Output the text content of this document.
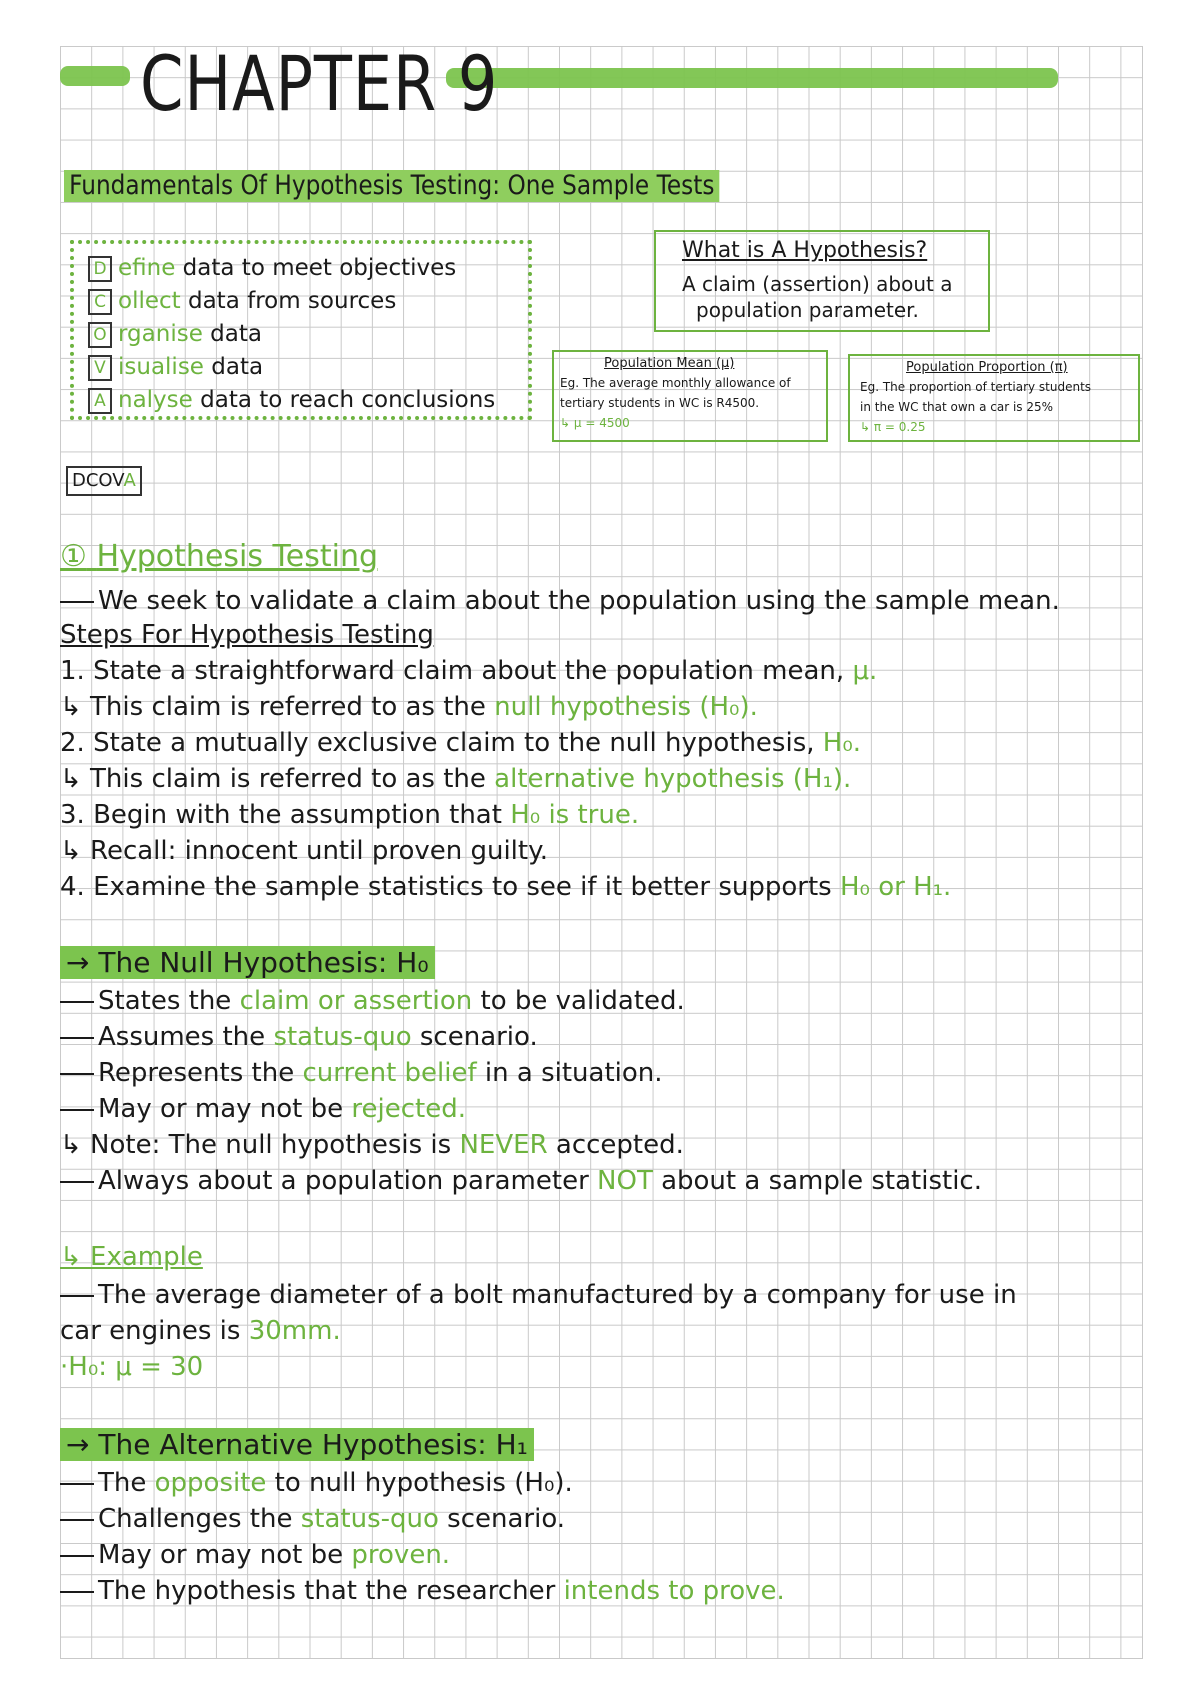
CHAPTER 9
Fundamentals Of Hypothesis Testing: One Sample Tests
D efine data to meet objectives
C ollect data from sources
O rganise data
V isualise data
A nalyse data to reach conclusions
DCOVA
What is A Hypothesis?
A claim (assertion) about a
population parameter.
Population Mean (μ)
Eg. The average monthly allowance of
tertiary students in WC is R4500.
↳ μ = 4500
Population Proportion (π)
Eg. The proportion of tertiary students
in the WC that own a car is 25%
↳ π = 0.25
① Hypothesis Testing
We seek to validate a claim about the population using the sample mean.
Steps For Hypothesis Testing
1. State a straightforward claim about the population mean, μ.
↳ This claim is referred to as the null hypothesis (H₀).
2. State a mutually exclusive claim to the null hypothesis, H₀.
↳ This claim is referred to as the alternative hypothesis (H₁).
3. Begin with the assumption that H₀ is true.
↳ Recall: innocent until proven guilty.
4. Examine the sample statistics to see if it better supports H₀ or H₁.
→ The Null Hypothesis: H₀
States the claim or assertion to be validated.
Assumes the status-quo scenario.
Represents the current belief in a situation.
May or may not be rejected.
↳ Note: The null hypothesis is NEVER accepted.
Always about a population parameter NOT about a sample statistic.
↳ Example
The average diameter of a bolt manufactured by a company for use in
car engines is 30mm.
·H₀: μ = 30
→ The Alternative Hypothesis: H₁
The opposite to null hypothesis (H₀).
Challenges the status-quo scenario.
May or may not be proven.
The hypothesis that the researcher intends to prove.
